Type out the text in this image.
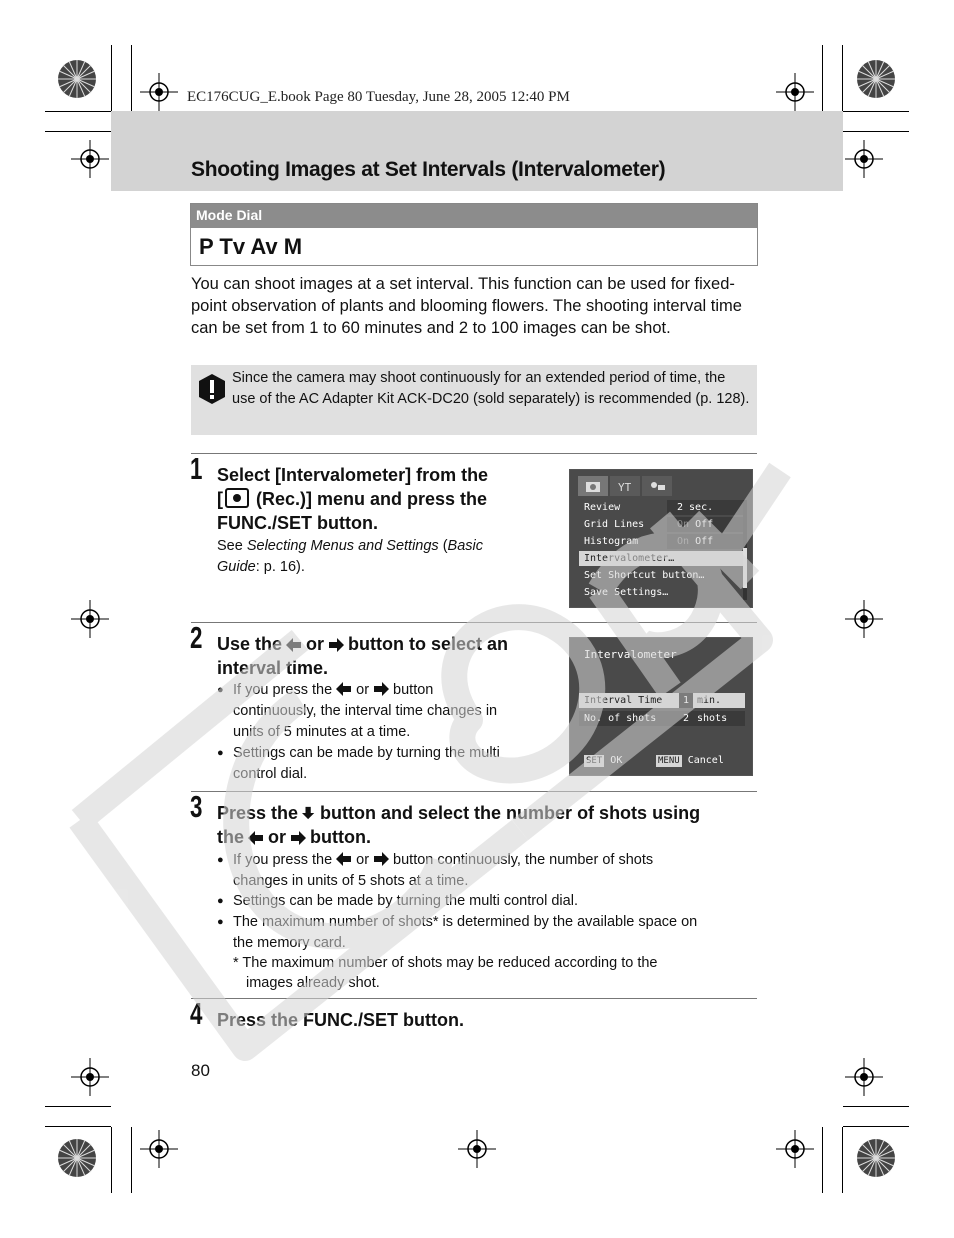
EC176CUG_E.book Page 80 Tuesday, June 28, 2005 12:40 PM
Shooting Images at Set Intervals (Intervalometer)
Mode Dial
P Tv Av M
You can shoot images at a set interval. This function can be used for fixed-point observation of plants and blooming flowers. The shooting interval time can be set from 1 to 60 minutes and 2 to 100 images can be shot.
Since the camera may shoot continuously for an extended period of time, the use of the AC Adapter Kit ACK-DC20 (sold separately) is recommended (p. 128).
1 Select [Intervalometer] from the
[ (Rec.)] menu and press the
FUNC./SET button.
See Selecting Menus and Settings (Basic
Guide: p. 16).
YT
Review	2 sec.
Grid Lines	On Off
Histogram	On Off
Intervalometer…
Set Shortcut button…
Save Settings…
2 Use the or button to select an
interval time.
● If you press the or button
continuously, the interval time changes in
units of 5 minutes at a time.
● Settings can be made by turning the multi
control dial.
Intervalometer
Interval Time	1 min.
No. of shots	2 shots
SET OK	MENU Cancel
3 Press the button and select the number of shots using
the or button.
● If you press the or button continuously, the number of shots
changes in units of 5 shots at a time.
● Settings can be made by turning the multi control dial.
● The maximum number of shots* is determined by the available space on
the memory card.
* The maximum number of shots may be reduced according to the
images already shot.
4 Press the FUNC./SET button.
80
